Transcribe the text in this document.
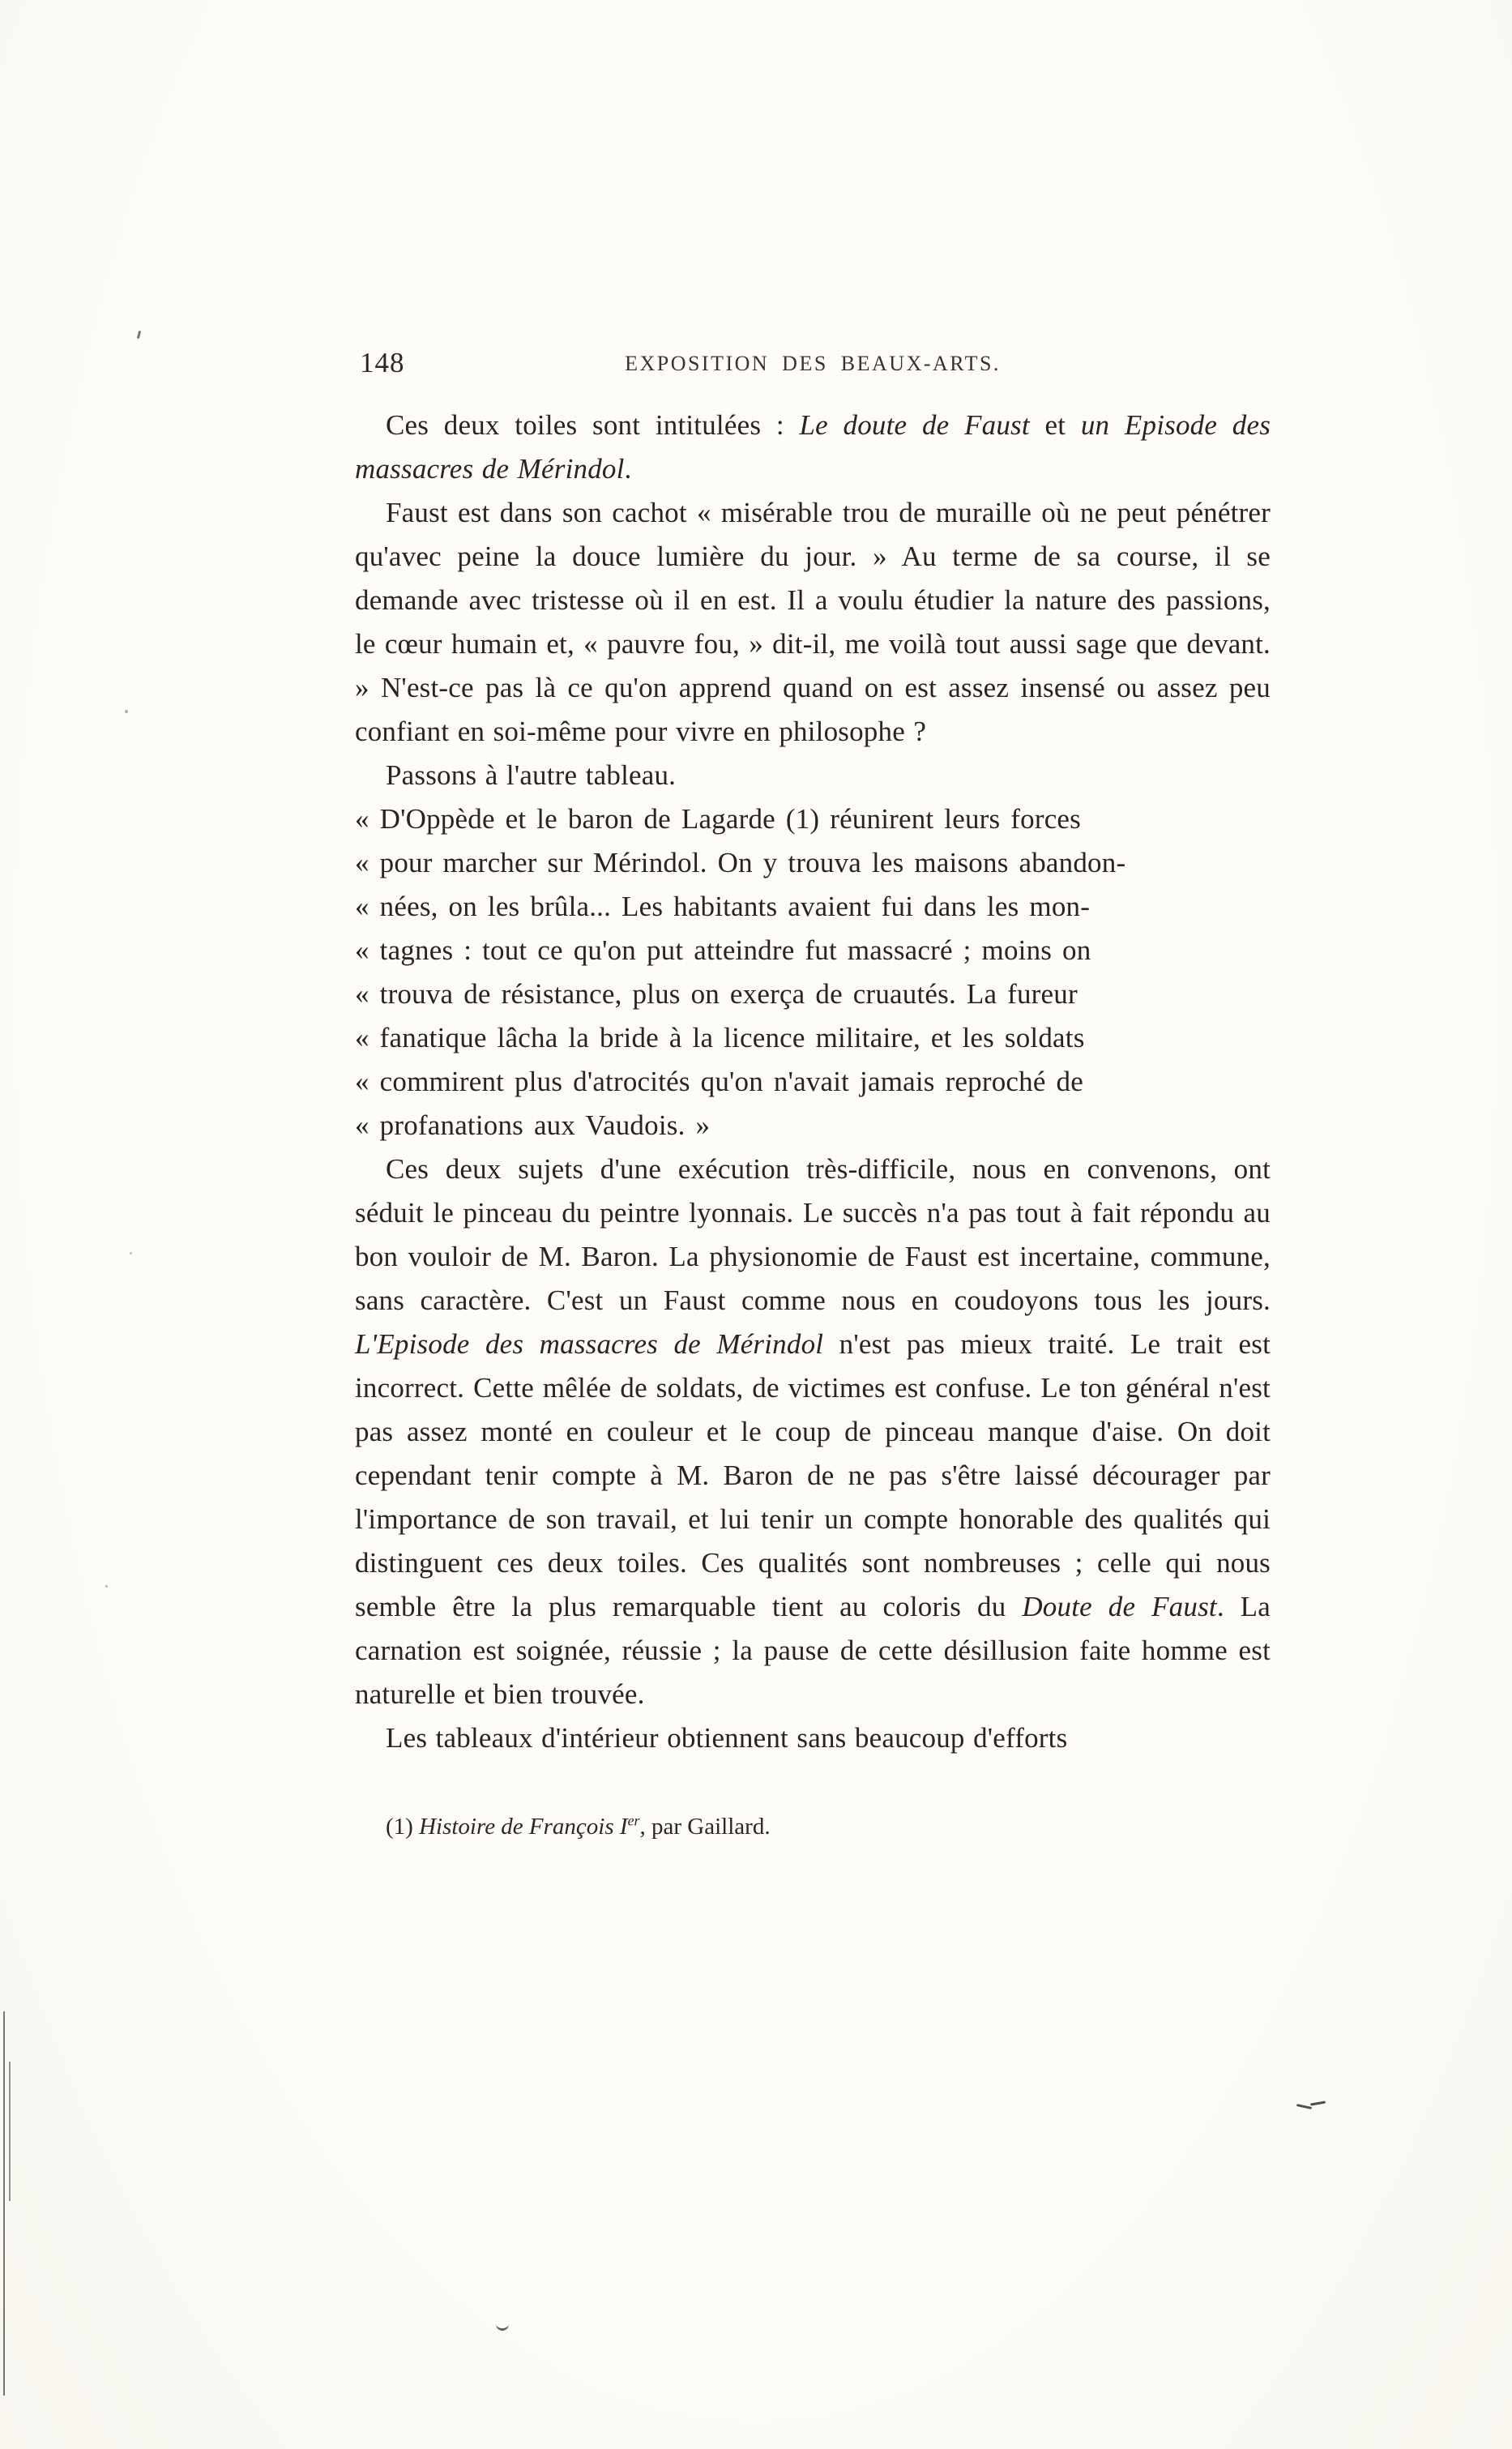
148	EXPOSITION DES BEAUX-ARTS.

Ces deux toiles sont intitulées : Le doute de Faust et un Episode des massacres de Mérindol.

Faust est dans son cachot « misérable trou de muraille où ne peut pénétrer qu'avec peine la douce lumière du jour. » Au terme de sa course, il se demande avec tristesse où il en est. Il a voulu étudier la nature des passions, le cœur humain et, « pauvre fou, » dit-il, me voilà tout aussi sage que devant. » N'est-ce pas là ce qu'on apprend quand on est assez insensé ou assez peu confiant en soi-même pour vivre en philosophe ?

Passons à l'autre tableau.

« D'Oppède et le baron de Lagarde (1) réunirent leurs forces
« pour marcher sur Mérindol. On y trouva les maisons abandon-
« nées, on les brûla... Les habitants avaient fui dans les mon-
« tagnes : tout ce qu'on put atteindre fut massacré ; moins on
« trouva de résistance, plus on exerça de cruautés. La fureur
« fanatique lâcha la bride à la licence militaire, et les soldats
« commirent plus d'atrocités qu'on n'avait jamais reproché de
« profanations aux Vaudois. »

Ces deux sujets d'une exécution très-difficile, nous en convenons, ont séduit le pinceau du peintre lyonnais. Le succès n'a pas tout à fait répondu au bon vouloir de M. Baron. La physionomie de Faust est incertaine, commune, sans caractère. C'est un Faust comme nous en coudoyons tous les jours. L'Episode des massacres de Mérindol n'est pas mieux traité. Le trait est incorrect. Cette mêlée de soldats, de victimes est confuse. Le ton général n'est pas assez monté en couleur et le coup de pinceau manque d'aise. On doit cependant tenir compte à M. Baron de ne pas s'être laissé décourager par l'importance de son travail, et lui tenir un compte honorable des qualités qui distinguent ces deux toiles. Ces qualités sont nombreuses ; celle qui nous semble être la plus remarquable tient au coloris du Doute de Faust. La carnation est soignée, réussie ; la pause de cette désillusion faite homme est naturelle et bien trouvée.

Les tableaux d'intérieur obtiennent sans beaucoup d'efforts

(1) Histoire de François Ier, par Gaillard.
